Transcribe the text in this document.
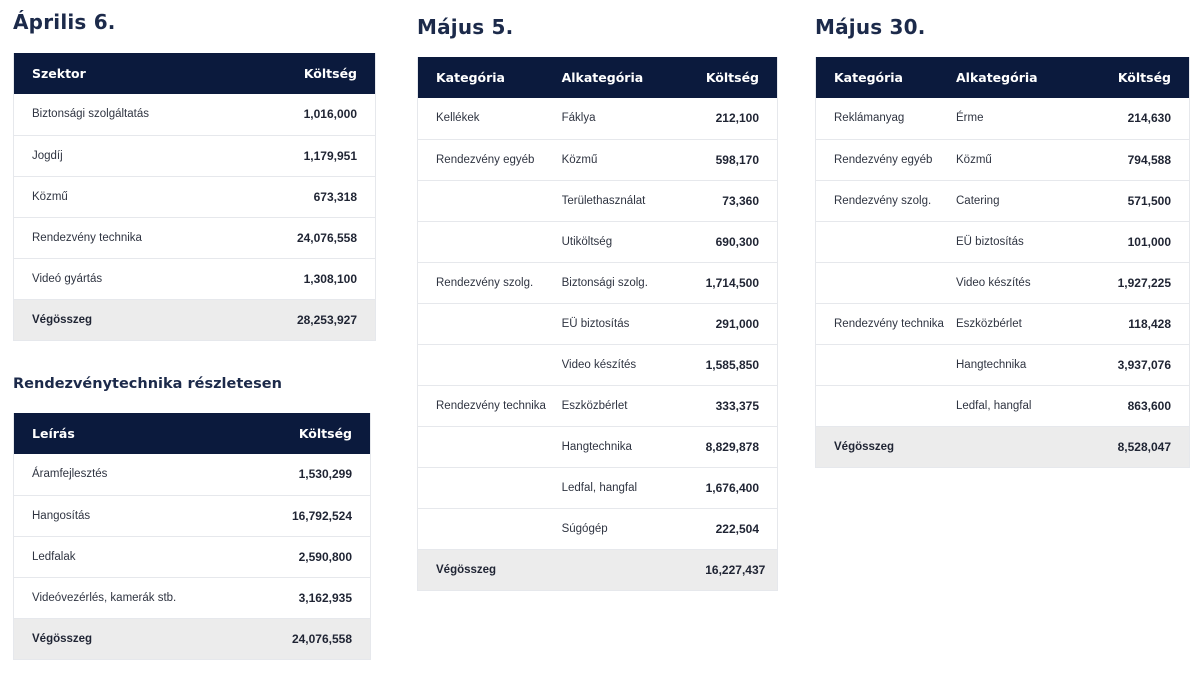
Április 6.
Szektor	Költség
Biztonsági szolgáltatás	1,016,000
Jogdíj	1,179,951
Közmű	673,318
Rendezvény technika	24,076,558
Videó gyártás	1,308,100
Végösszeg	28,253,927
Rendezvénytechnika részletesen
Leírás	Költség
Áramfejlesztés	1,530,299
Hangosítás	16,792,524
Ledfalak	2,590,800
Videóvezérlés, kamerák stb.	3,162,935
Végösszeg	24,076,558
Május 5.
Kategória	Alkategória	Költség
Kellékek	Fáklya	212,100
Rendezvény egyéb	Közmű	598,170
	Területhasználat	73,360
	Utiköltség	690,300
Rendezvény szolg.	Biztonsági szolg.	1,714,500
	EÜ biztosítás	291,000
	Video készítés	1,585,850
Rendezvény technika	Eszközbérlet	333,375
	Hangtechnika	8,829,878
	Ledfal, hangfal	1,676,400
	Súgógép	222,504
Végösszeg		16,227,437
Május 30.
Kategória	Alkategória	Költség
Reklámanyag	Érme	214,630
Rendezvény egyéb	Közmű	794,588
Rendezvény szolg.	Catering	571,500
	EÜ biztosítás	101,000
	Video készítés	1,927,225
Rendezvény technika	Eszközbérlet	118,428
	Hangtechnika	3,937,076
	Ledfal, hangfal	863,600
Végösszeg		8,528,047
